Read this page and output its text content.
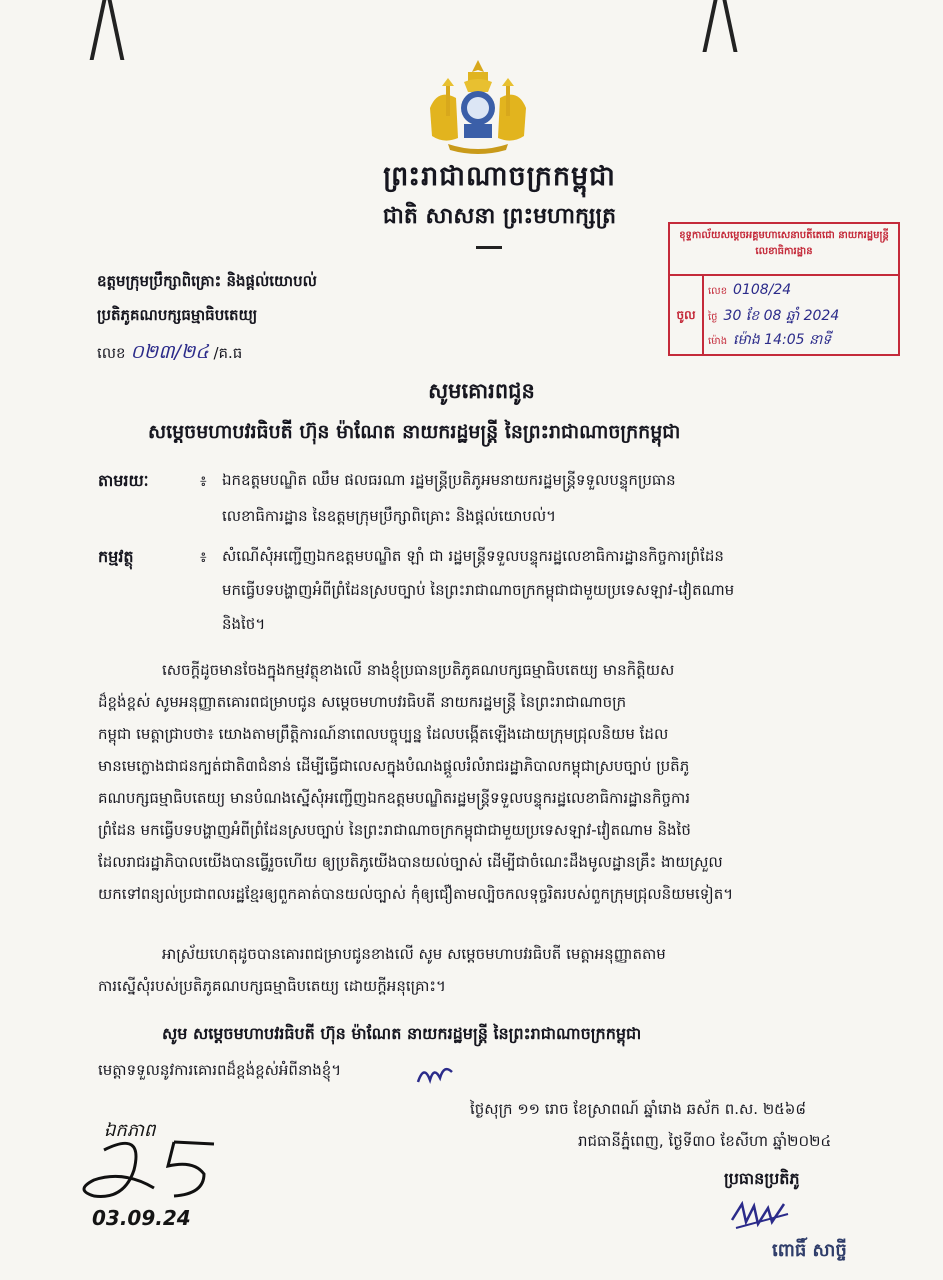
ព្រះរាជាណាចក្រកម្ពុជា
ជាតិ សាសនា ព្រះមហាក្សត្រ
ឧត្តមក្រុមប្រឹក្សាពិគ្រោះ និងផ្តល់យោបល់
ប្រតិភូគណបក្សធម្មាធិបតេយ្យ
លេខ ០២៣/២៤ /គ.ធ
ខុទ្ទកាល័យ​សម្តេចអគ្គមហាសេនាបតីតេជោ នាយករដ្ឋមន្ត្រី
លេខាធិការដ្ឋាន
ចូល
លេខ 0108/24
ថ្ងៃ 30 ខែ 08 ឆ្នាំ 2024
ម៉ោង ម៉ោង 14:05 នាទី
សូមគោរពជូន
សម្តេចមហាបវរធិបតី ហ៊ុន ម៉ាណែត នាយករដ្ឋមន្ត្រី នៃព្រះរាជាណាចក្រកម្ពុជា
តាមរយៈ	៖ ឯកឧត្តមបណ្ឌិត ឈឹម ផលធរណា រដ្ឋមន្ត្រីប្រតិភូអមនាយករដ្ឋមន្ត្រីទទួលបន្ទុកប្រធាន
លេខាធិការដ្ឋាន នៃឧត្តមក្រុមប្រឹក្សាពិគ្រោះ និងផ្តល់យោបល់។
កម្មវត្ថុ	៖ សំណើសុំអញ្ជើញឯកឧត្តមបណ្ឌិត ឡាំ ជា រដ្ឋមន្ត្រីទទួលបន្ទុករដ្ឋលេខាធិការដ្ឋានកិច្ចការព្រំដែន
មកធ្វើបទបង្ហាញអំពីព្រំដែនស្របច្បាប់ នៃព្រះរាជាណាចក្រកម្ពុជាជាមួយប្រទេសឡាវ-វៀតណាម
និងថៃ។
សេចក្តីដូចមានចែងក្នុងកម្មវត្ថុខាងលើ នាងខ្ញុំប្រធានប្រតិភូគណបក្សធម្មាធិបតេយ្យ មានកិត្តិយស
ដ៏ខ្ពង់ខ្ពស់ សូមអនុញ្ញាតគោរពជម្រាបជូន សម្តេចមហាបវរធិបតី នាយករដ្ឋមន្ត្រី នៃព្រះរាជាណាចក្រ
កម្ពុជា មេត្តាជ្រាបថា៖ យោងតាមព្រឹត្តិការណ៍នាពេលបច្ចុប្បន្ន ដែលបង្កើតឡើងដោយក្រុមជ្រុលនិយម ដែល
មានមេក្លោងជាជនក្បត់ជាតិ៣ជំនាន់ ដើម្បីធ្វើជាលេសក្នុងបំណងផ្តួលរំលំរាជរដ្ឋាភិបាលកម្ពុជាស្របច្បាប់ ប្រតិភូ
គណបក្សធម្មាធិបតេយ្យ មានបំណងស្នើសុំអញ្ជើញឯកឧត្តមបណ្ឌិតរដ្ឋមន្ត្រីទទួលបន្ទុករដ្ឋលេខាធិការដ្ឋានកិច្ចការ
ព្រំដែន មកធ្វើបទបង្ហាញអំពីព្រំដែនស្របច្បាប់ នៃព្រះរាជាណាចក្រកម្ពុជាជាមួយប្រទេសឡាវ-វៀតណាម និងថៃ
ដែលរាជរដ្ឋាភិបាលយើងបានធ្វើរួចហើយ ឲ្យប្រតិភូយើងបានយល់ច្បាស់ ដើម្បីជាចំណេះដឹងមូលដ្ឋានគ្រឹះ ងាយស្រួល
យកទៅពន្យល់ប្រជាពលរដ្ឋខ្មែរឲ្យពួកគាត់បានយល់ច្បាស់ កុំឲ្យជឿតាមល្បិចកលទុច្ចរិតរបស់ពួកក្រុមជ្រុលនិយមទៀត។
អាស្រ័យហេតុដូចបានគោរពជម្រាបជូនខាងលើ សូម សម្តេចមហាបវរធិបតី មេត្តាអនុញ្ញាតតាម
ការស្នើសុំរបស់ប្រតិភូគណបក្សធម្មាធិបតេយ្យ ដោយក្តីអនុគ្រោះ។
សូម សម្តេចមហាបវរធិបតី ហ៊ុន ម៉ាណែត នាយករដ្ឋមន្ត្រី នៃព្រះរាជាណាចក្រកម្ពុជា
មេត្តាទទួលនូវការគោរពដ៏ខ្ពង់ខ្ពស់អំពីនាងខ្ញុំ។
ថ្ងៃសុក្រ ១១ រោច ខែស្រាពណ៍ ឆ្នាំរោង ឆស័ក ព.ស. ២៥៦៨
រាជធានីភ្នំពេញ, ថ្ងៃទី៣០ ខែសីហា ឆ្នាំ២០២៤
ប្រធានប្រតិភូ
ពោធិ៍ សាច្ចី
ឯកភាព
03.09.24
